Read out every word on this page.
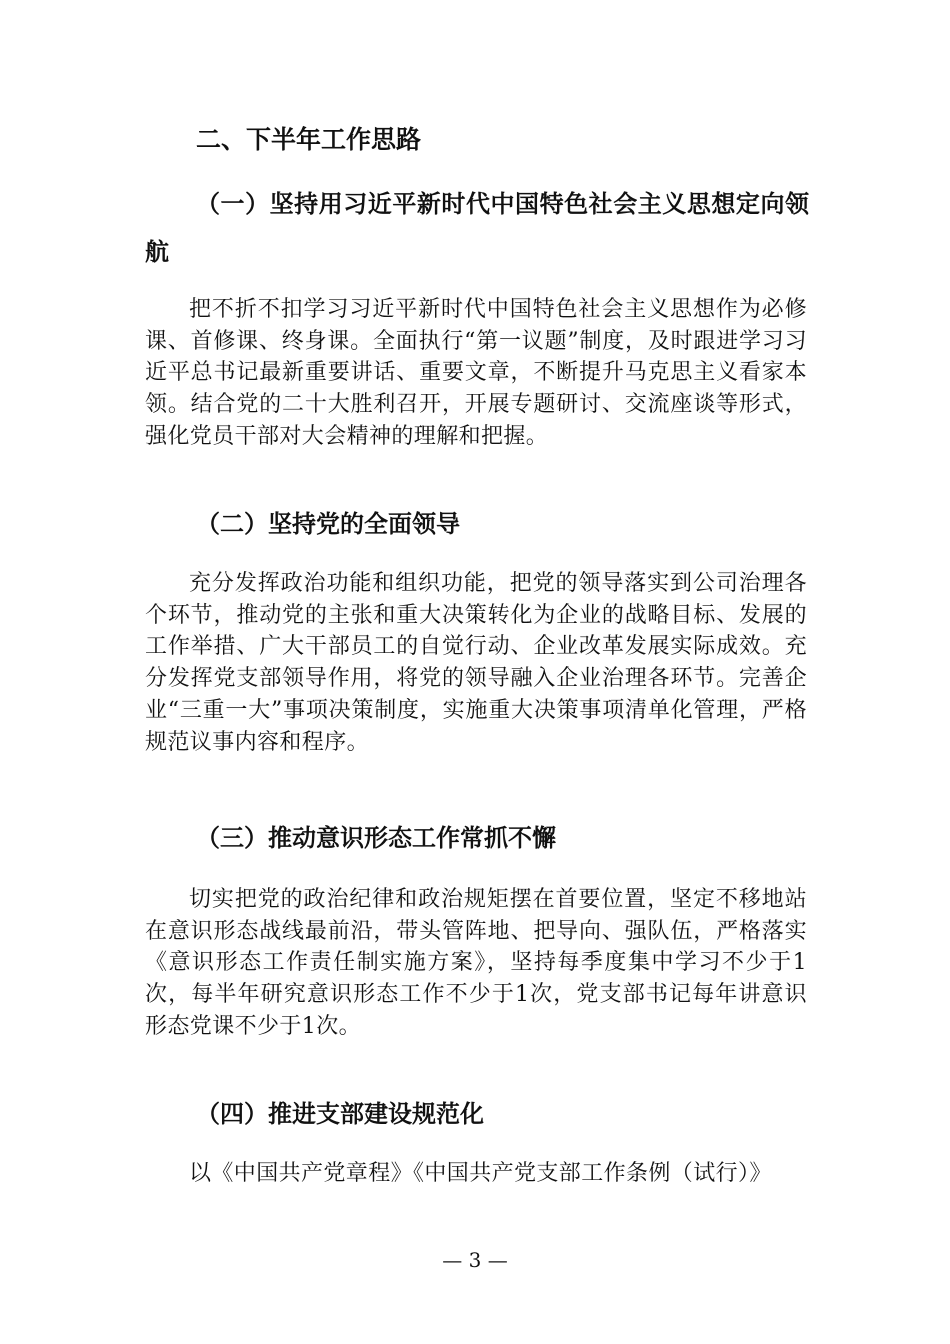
二、下半年工作思路
（一）坚持用习近平新时代中国特色社会主义思想定向领航

把不折不扣学习习近平新时代中国特色社会主义思想作为必修课、首修课、终身课。全面执行“第一议题”制度，及时跟进学习习近平总书记最新重要讲话、重要文章，不断提升马克思主义看家本领。结合党的二十大胜利召开，开展专题研讨、交流座谈等形式，强化党员干部对大会精神的理解和把握。

（二）坚持党的全面领导

充分发挥政治功能和组织功能，把党的领导落实到公司治理各个环节，推动党的主张和重大决策转化为企业的战略目标、发展的工作举措、广大干部员工的自觉行动、企业改革发展实际成效。充分发挥党支部领导作用，将党的领导融入企业治理各环节。完善企业“三重一大”事项决策制度，实施重大决策事项清单化管理，严格规范议事内容和程序。

（三）推动意识形态工作常抓不懈

切实把党的政治纪律和政治规矩摆在首要位置，坚定不移地站在意识形态战线最前沿，带头管阵地、把导向、强队伍，严格落实《意识形态工作责任制实施方案》，坚持每季度集中学习不少于1次，每半年研究意识形态工作不少于1次，党支部书记每年讲意识形态党课不少于1次。

（四）推进支部建设规范化

以《中国共产党章程》《中国共产党支部工作条例（试行）》

— 3 —
